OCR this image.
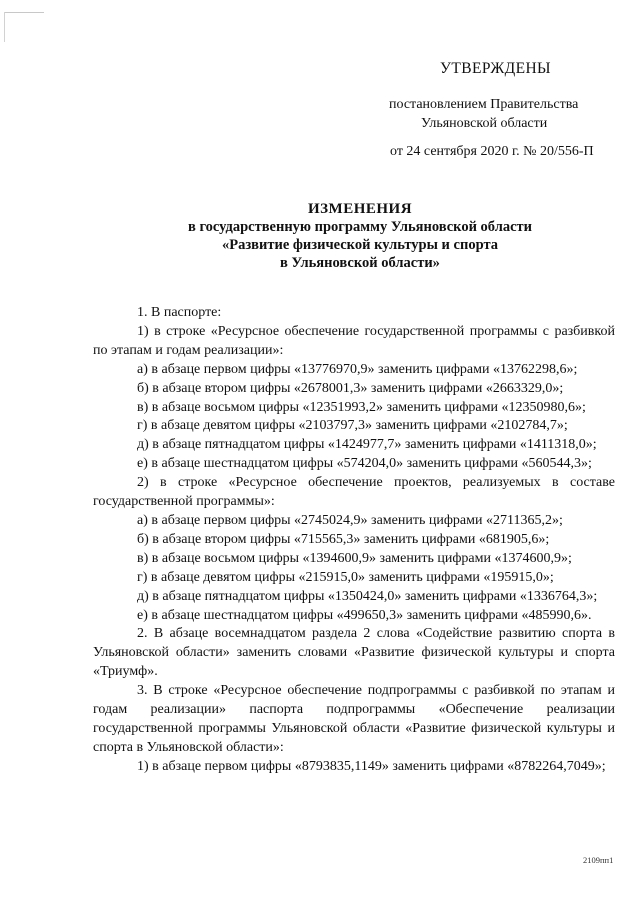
УТВЕРЖДЕНЫ
постановлением Правительства
Ульяновской области
от 24 сентября 2020 г. № 20/556-П
ИЗМЕНЕНИЯ
в государственную программу Ульяновской области
«Развитие физической культуры и спорта
в Ульяновской области»

1. В паспорте:

1) в строке «Ресурсное обеспечение государственной программы с разбивкой по этапам и годам реализации»:

а) в абзаце первом цифры «13776970,9» заменить цифрами «13762298,6»;

б) в абзаце втором цифры «2678001,3» заменить цифрами «2663329,0»;

в) в абзаце восьмом цифры «12351993,2» заменить цифрами «12350980,6»;

г) в абзаце девятом цифры «2103797,3» заменить цифрами «2102784,7»;

д) в абзаце пятнадцатом цифры «1424977,7» заменить цифрами «1411318,0»;

е) в абзаце шестнадцатом цифры «574204,0» заменить цифрами «560544,3»;

2) в строке «Ресурсное обеспечение проектов, реализуемых в составе государственной программы»:

а) в абзаце первом цифры «2745024,9» заменить цифрами «2711365,2»;

б) в абзаце втором цифры «715565,3» заменить цифрами «681905,6»;

в) в абзаце восьмом цифры «1394600,9» заменить цифрами «1374600,9»;

г) в абзаце девятом цифры «215915,0» заменить цифрами «195915,0»;

д) в абзаце пятнадцатом цифры «1350424,0» заменить цифрами «1336764,3»;

е) в абзаце шестнадцатом цифры «499650,3» заменить цифрами «485990,6».

2. В абзаце восемнадцатом раздела 2 слова «Содействие развитию спорта в Ульяновской области» заменить словами «Развитие физической культуры и спорта «Триумф».

3. В строке «Ресурсное обеспечение подпрограммы с разбивкой по этапам и годам реализации» паспорта подпрограммы «Обеспечение реализации государственной программы Ульяновской области «Развитие физической культуры и спорта в Ульяновской области»:

1) в абзаце первом цифры «8793835,1149» заменить цифрами «8782264,7049»;

2109пп1
